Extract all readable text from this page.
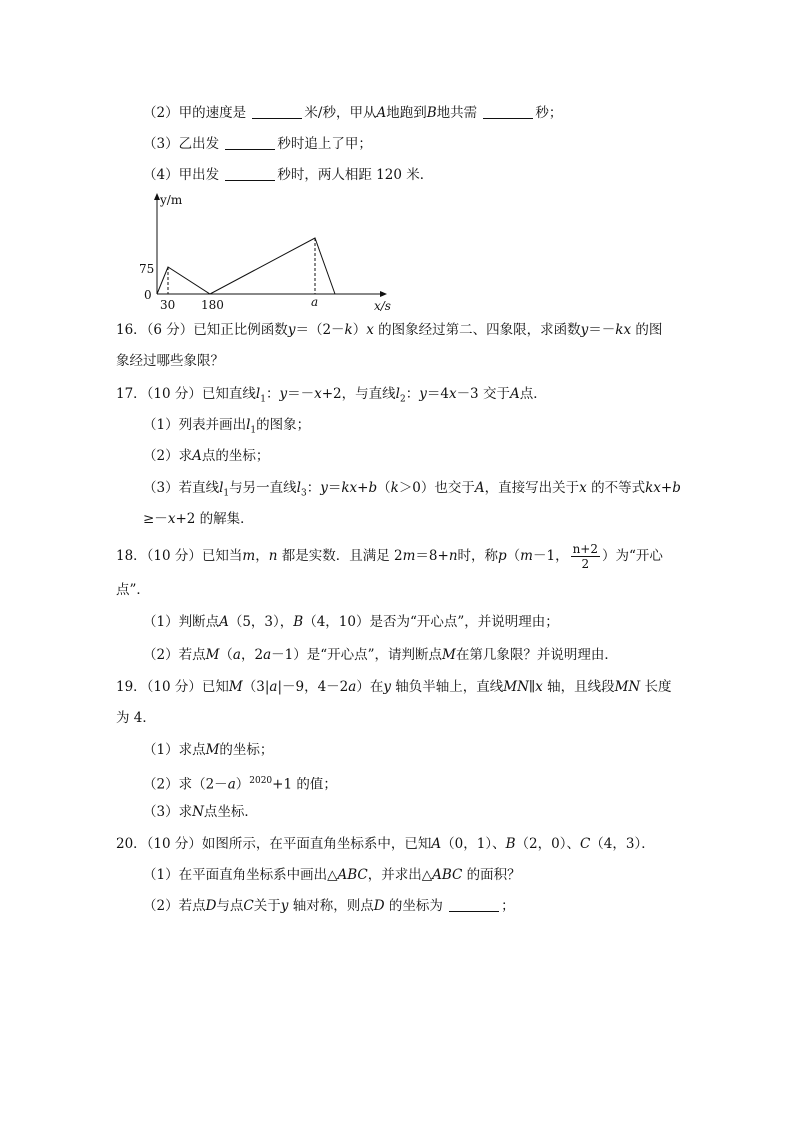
（2）甲的速度是	米/秒，甲从A地跑到B地共需	秒；
（3）乙出发	秒时追上了甲；
（4）甲出发	秒时，两人相距 120 米．
y/m
x/s
75
0
30 180	a
16．（6 分）已知正比例函数y＝（2－k）x 的图象经过第二、四象限，求函数y＝－kx 的图
象经过哪些象限？
17．（10 分）已知直线$l_1$：y＝－x+2，与直线$l_2$：y＝4x－3 交于A点．
（1）列表并画出$l_1$的图象；
（2）求A点的坐标；
（3）若直线$l_1$与另一直线$l_3$：y＝kx+b（k＞0）也交于A，直接写出关于x 的不等式kx+b
≥－x+2 的解集．
18．（10 分）已知当m，n 都是实数．且满足 2m＝8+n时，称p（m－1， $\frac{n+2}{2}$ ）为“开心
点”．
（1）判断点A（5，3），B（4，10）是否为“开心点”，并说明理由；
（2）若点M（a，2a－1）是“开心点”，请判断点M在第几象限？并说明理由．
19．（10 分）已知M（3|a|－9，4－2a）在y 轴负半轴上，直线MN∥x 轴，且线段MN 长度
为 4．
（1）求点M的坐标；
（2）求$(2-a)^{2020}+1$ 的值；
（3）求N点坐标．
20．（10 分）如图所示，在平面直角坐标系中，已知A（0，1）、B（2，0）、C（4，3）．
（1）在平面直角坐标系中画出△ABC，并求出△ABC 的面积？
（2）若点D与点C关于y 轴对称，则点D 的坐标为	；
